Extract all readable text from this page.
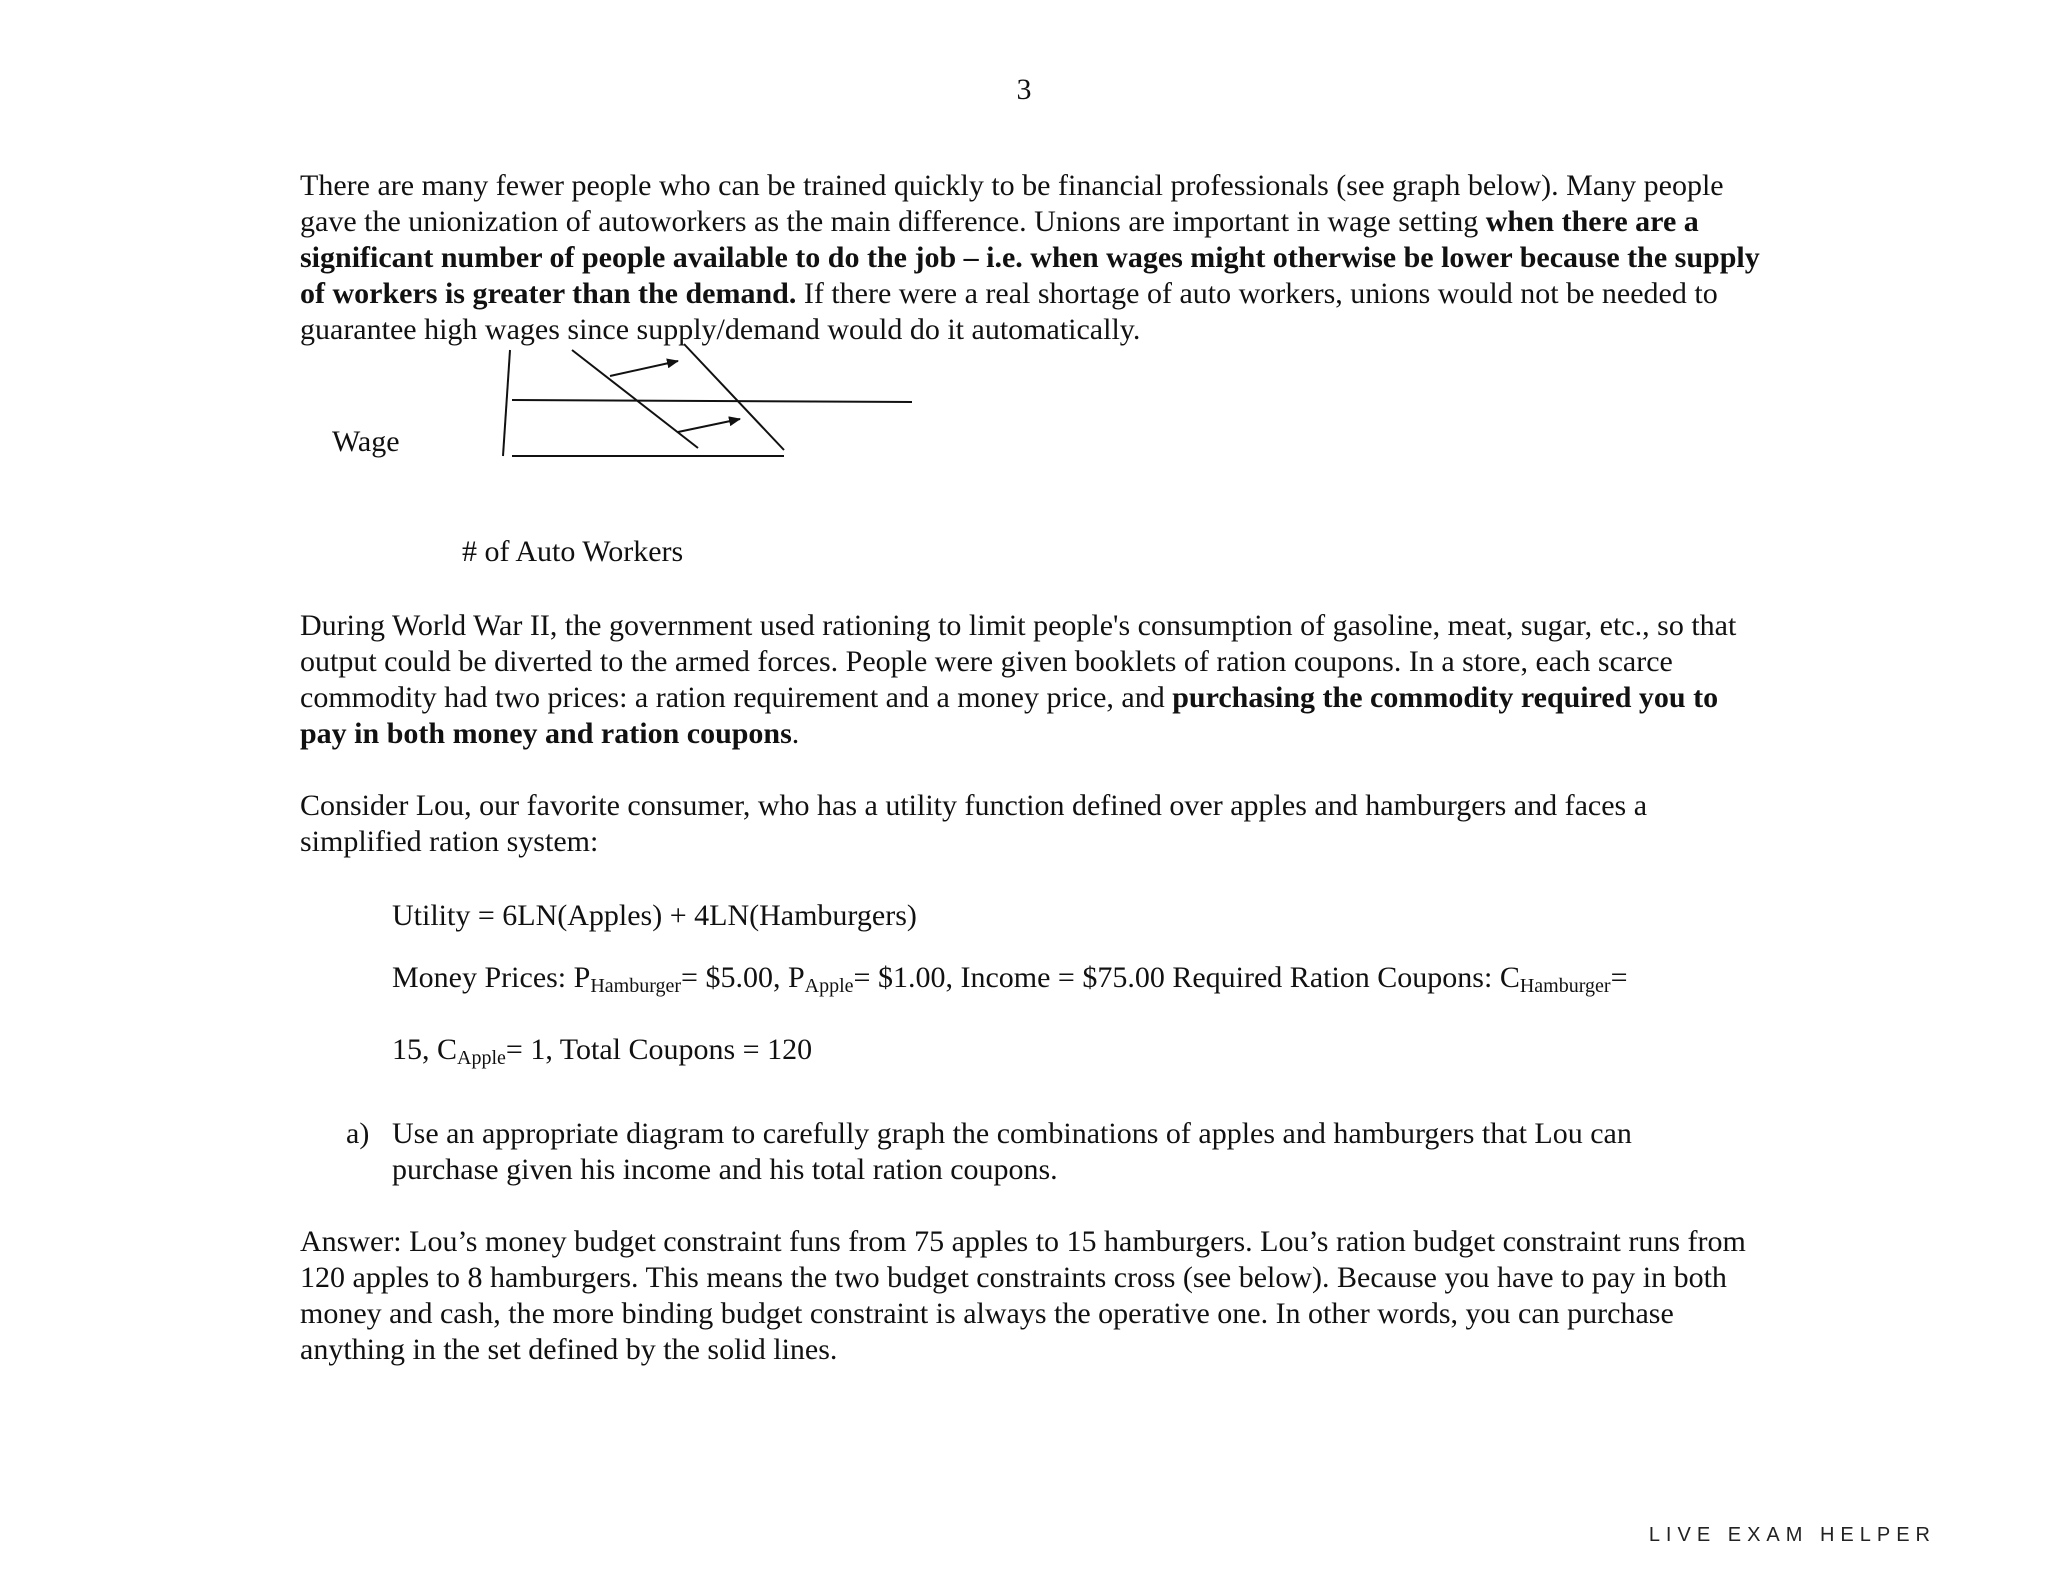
3

There are many fewer people who can be trained quickly to be financial professionals (see graph below). Many people gave the unionization of autoworkers as the main difference. Unions are important in wage setting when there are a significant number of people available to do the job – i.e. when wages might otherwise be lower because the supply of workers is greater than the demand. If there were a real shortage of auto workers, unions would not be needed to guarantee high wages since supply/demand would do it automatically.

Wage
# of Auto Workers

During World War II, the government used rationing to limit people's consumption of gasoline, meat, sugar, etc., so that output could be diverted to the armed forces. People were given booklets of ration coupons. In a store, each scarce commodity had two prices: a ration requirement and a money price, and purchasing the commodity required you to pay in both money and ration coupons.

Consider Lou, our favorite consumer, who has a utility function defined over apples and hamburgers and faces a simplified ration system:

Utility = 6LN(Apples) + 4LN(Hamburgers)
Money Prices: $P_{Hamburger}=$ $5.00, $P_{Apple}=$ $1.00, Income = $75.00 Required Ration Coupons: $C_{Hamburger}=$
15, $C_{Apple}= 1$, Total Coupons = 120
a) Use an appropriate diagram to carefully graph the combinations of apples and hamburgers that Lou can
purchase given his income and his total ration coupons.

Answer: Lou’s money budget constraint funs from 75 apples to 15 hamburgers. Lou’s ration budget constraint runs from 120 apples to 8 hamburgers. This means the two budget constraints cross (see below). Because you have to pay in both money and cash, the more binding budget constraint is always the operative one. In other words, you can purchase anything in the set defined by the solid lines.

LIVE EXAM HELPER
